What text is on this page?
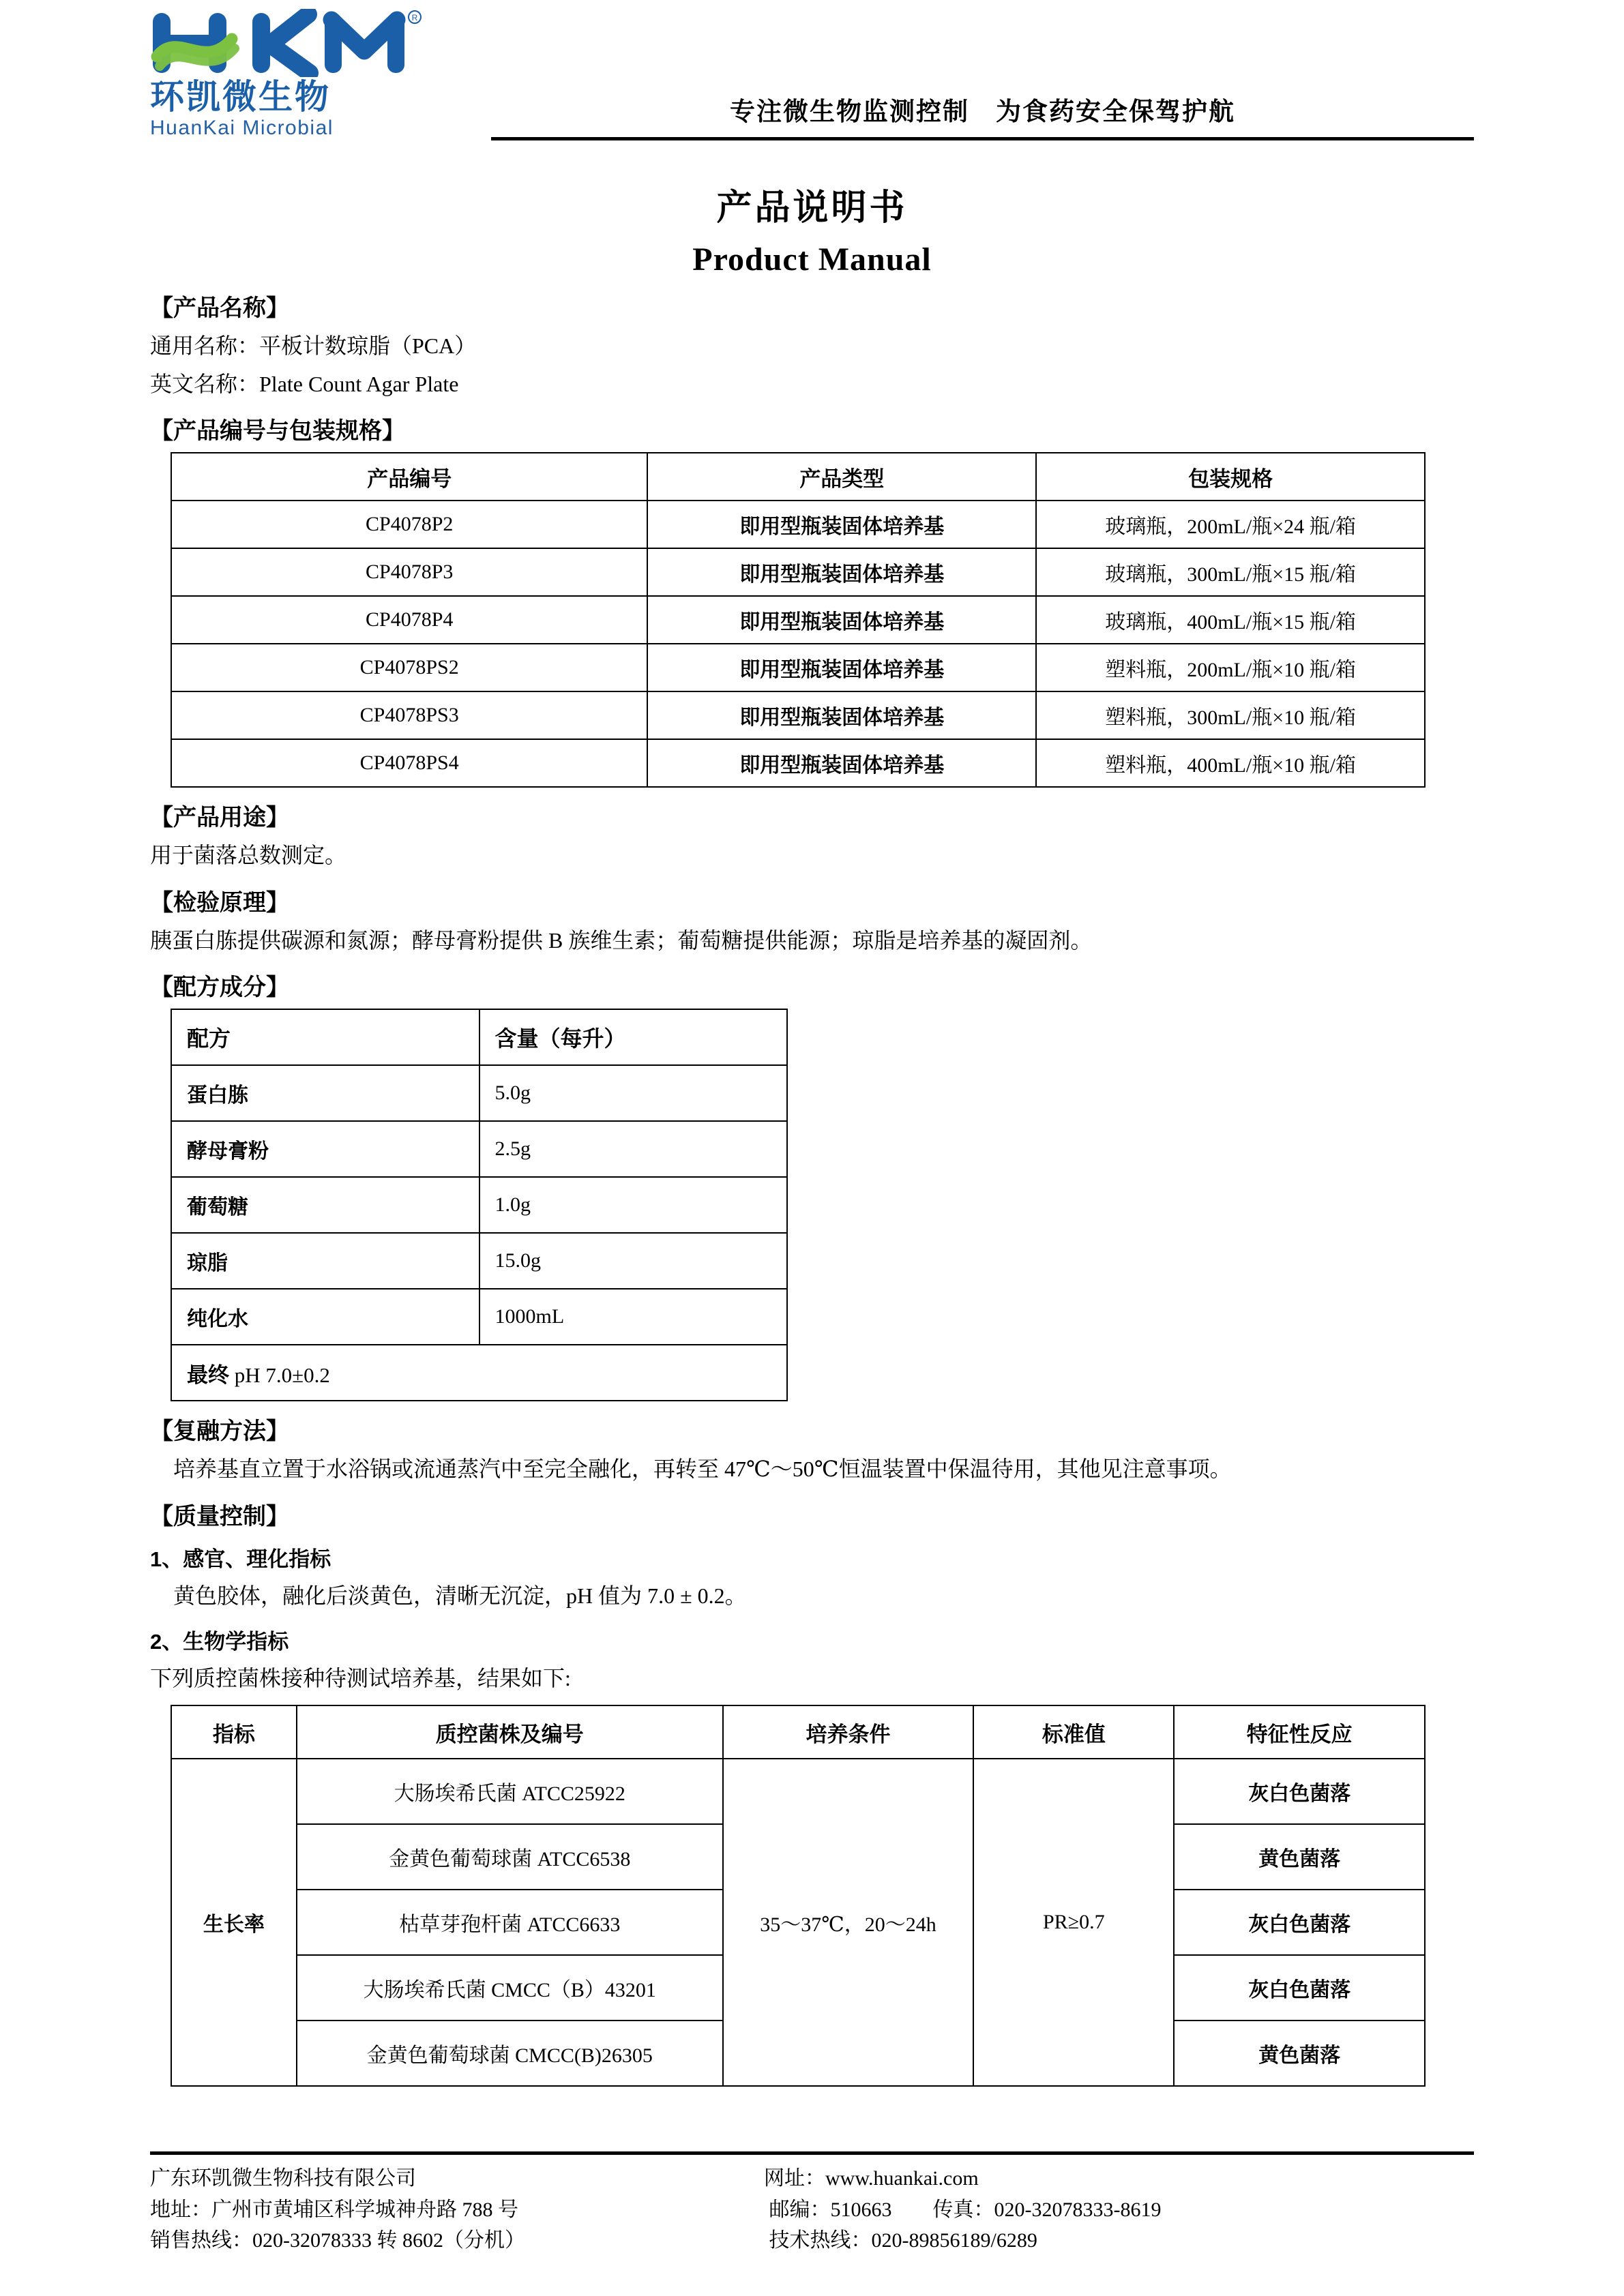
R
环凯微生物
HuanKai Microbial
专注微生物监测控制　为食药安全保驾护航
产品说明书
Product Manual
【产品名称】
通用名称：平板计数琼脂（PCA）
英文名称：Plate Count Agar Plate
【产品编号与包装规格】
产品编号	产品类型	包装规格
CP4078P2	即用型瓶装固体培养基	玻璃瓶，200mL/瓶×24 瓶/箱
CP4078P3	即用型瓶装固体培养基	玻璃瓶，300mL/瓶×15 瓶/箱
CP4078P4	即用型瓶装固体培养基	玻璃瓶，400mL/瓶×15 瓶/箱
CP4078PS2	即用型瓶装固体培养基	塑料瓶，200mL/瓶×10 瓶/箱
CP4078PS3	即用型瓶装固体培养基	塑料瓶，300mL/瓶×10 瓶/箱
CP4078PS4	即用型瓶装固体培养基	塑料瓶，400mL/瓶×10 瓶/箱
【产品用途】
用于菌落总数测定。
【检验原理】
胰蛋白胨提供碳源和氮源；酵母膏粉提供 B 族维生素；葡萄糖提供能源；琼脂是培养基的凝固剂。
【配方成分】
配方	含量（每升）
蛋白胨	5.0g
酵母膏粉	2.5g
葡萄糖	1.0g
琼脂	15.0g
纯化水	1000mL
最终 pH 7.0±0.2	
【复融方法】
培养基直立置于水浴锅或流通蒸汽中至完全融化，再转至 47℃～50℃恒温装置中保温待用，其他见注意事项。
【质量控制】
1、感官、理化指标
黄色胶体，融化后淡黄色，清晰无沉淀，pH 值为 7.0 ± 0.2。
2、生物学指标
下列质控菌株接种待测试培养基，结果如下:
指标	质控菌株及编号	培养条件	标准值	特征性反应
生长率	大肠埃希氏菌 ATCC25922	35～37℃，20～24h	PR≥0.7	灰白色菌落
	金黄色葡萄球菌 ATCC6538			黄色菌落
	枯草芽孢杆菌 ATCC6633			灰白色菌落
	大肠埃希氏菌 CMCC（B）43201			灰白色菌落
	金黄色葡萄球菌 CMCC(B)26305			黄色菌落
广东环凯微生物科技有限公司
地址：广州市黄埔区科学城神舟路 788 号
销售热线：020-32078333 转 8602（分机）
网址：www.huankai.com
邮编：510663　　传真：020-32078333-8619
技术热线：020-89856189/6289
